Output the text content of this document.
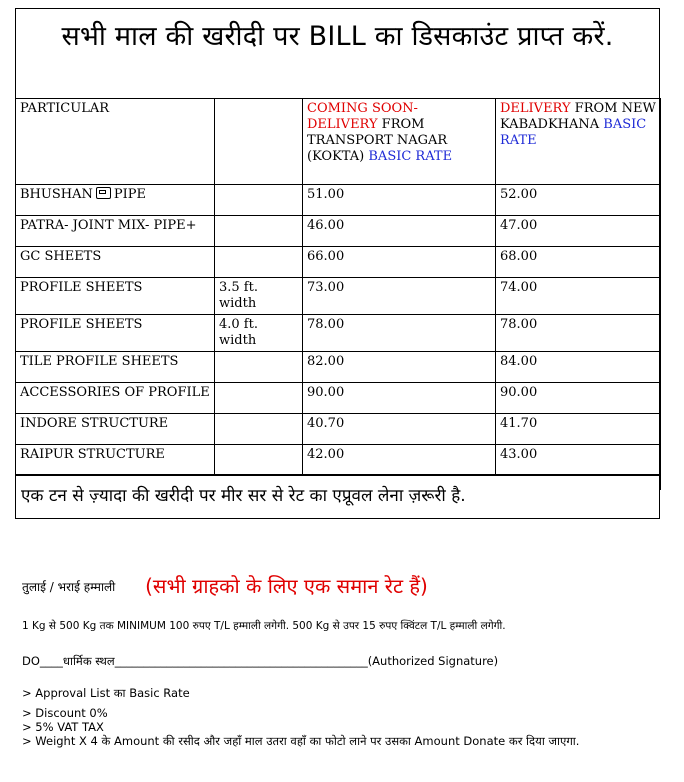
सभी माल की खरीदी पर BILL का डिसकाउंट प्राप्त करें.
PARTICULAR		COMING SOON- DELIVERY FROM TRANSPORT NAGAR (KOKTA) BASIC RATE	DELIVERY FROM NEW KABADKHANA BASIC RATE
BHUSHAN PIPE		51.00	52.00
PATRA- JOINT MIX- PIPE+		46.00	47.00
GC SHEETS		66.00	68.00
PROFILE SHEETS	3.5 ft. width	73.00	74.00
PROFILE SHEETS	4.0 ft. width	78.00	78.00
TILE PROFILE SHEETS		82.00	84.00
ACCESSORIES OF PROFILE		90.00	90.00
INDORE STRUCTURE		40.70	41.70
RAIPUR STRUCTURE		42.00	43.00
एक टन से ज़्यादा की खरीदी पर मीर सर से रेट का एप्रूवल लेना ज़रूरी है.
तुलाई / भराई हम्माली (सभी ग्राहको के लिए एक समान रेट हैं)
1 Kg से 500 Kg तक MINIMUM 100 रुपए T/L हम्माली लगेगी. 500 Kg से उपर 15 रुपए क्विंटल T/L हम्माली लगेगी.
DO____धार्मिक स्थल____________________________________________(Authorized Signature)
> Approval List का Basic Rate
> Discount 0%
> 5% VAT TAX
> Weight X 4 के Amount की रसीद और जहाँ माल उतरा वहाँ का फोटो लाने पर उसका Amount Donate कर दिया जाएगा.
